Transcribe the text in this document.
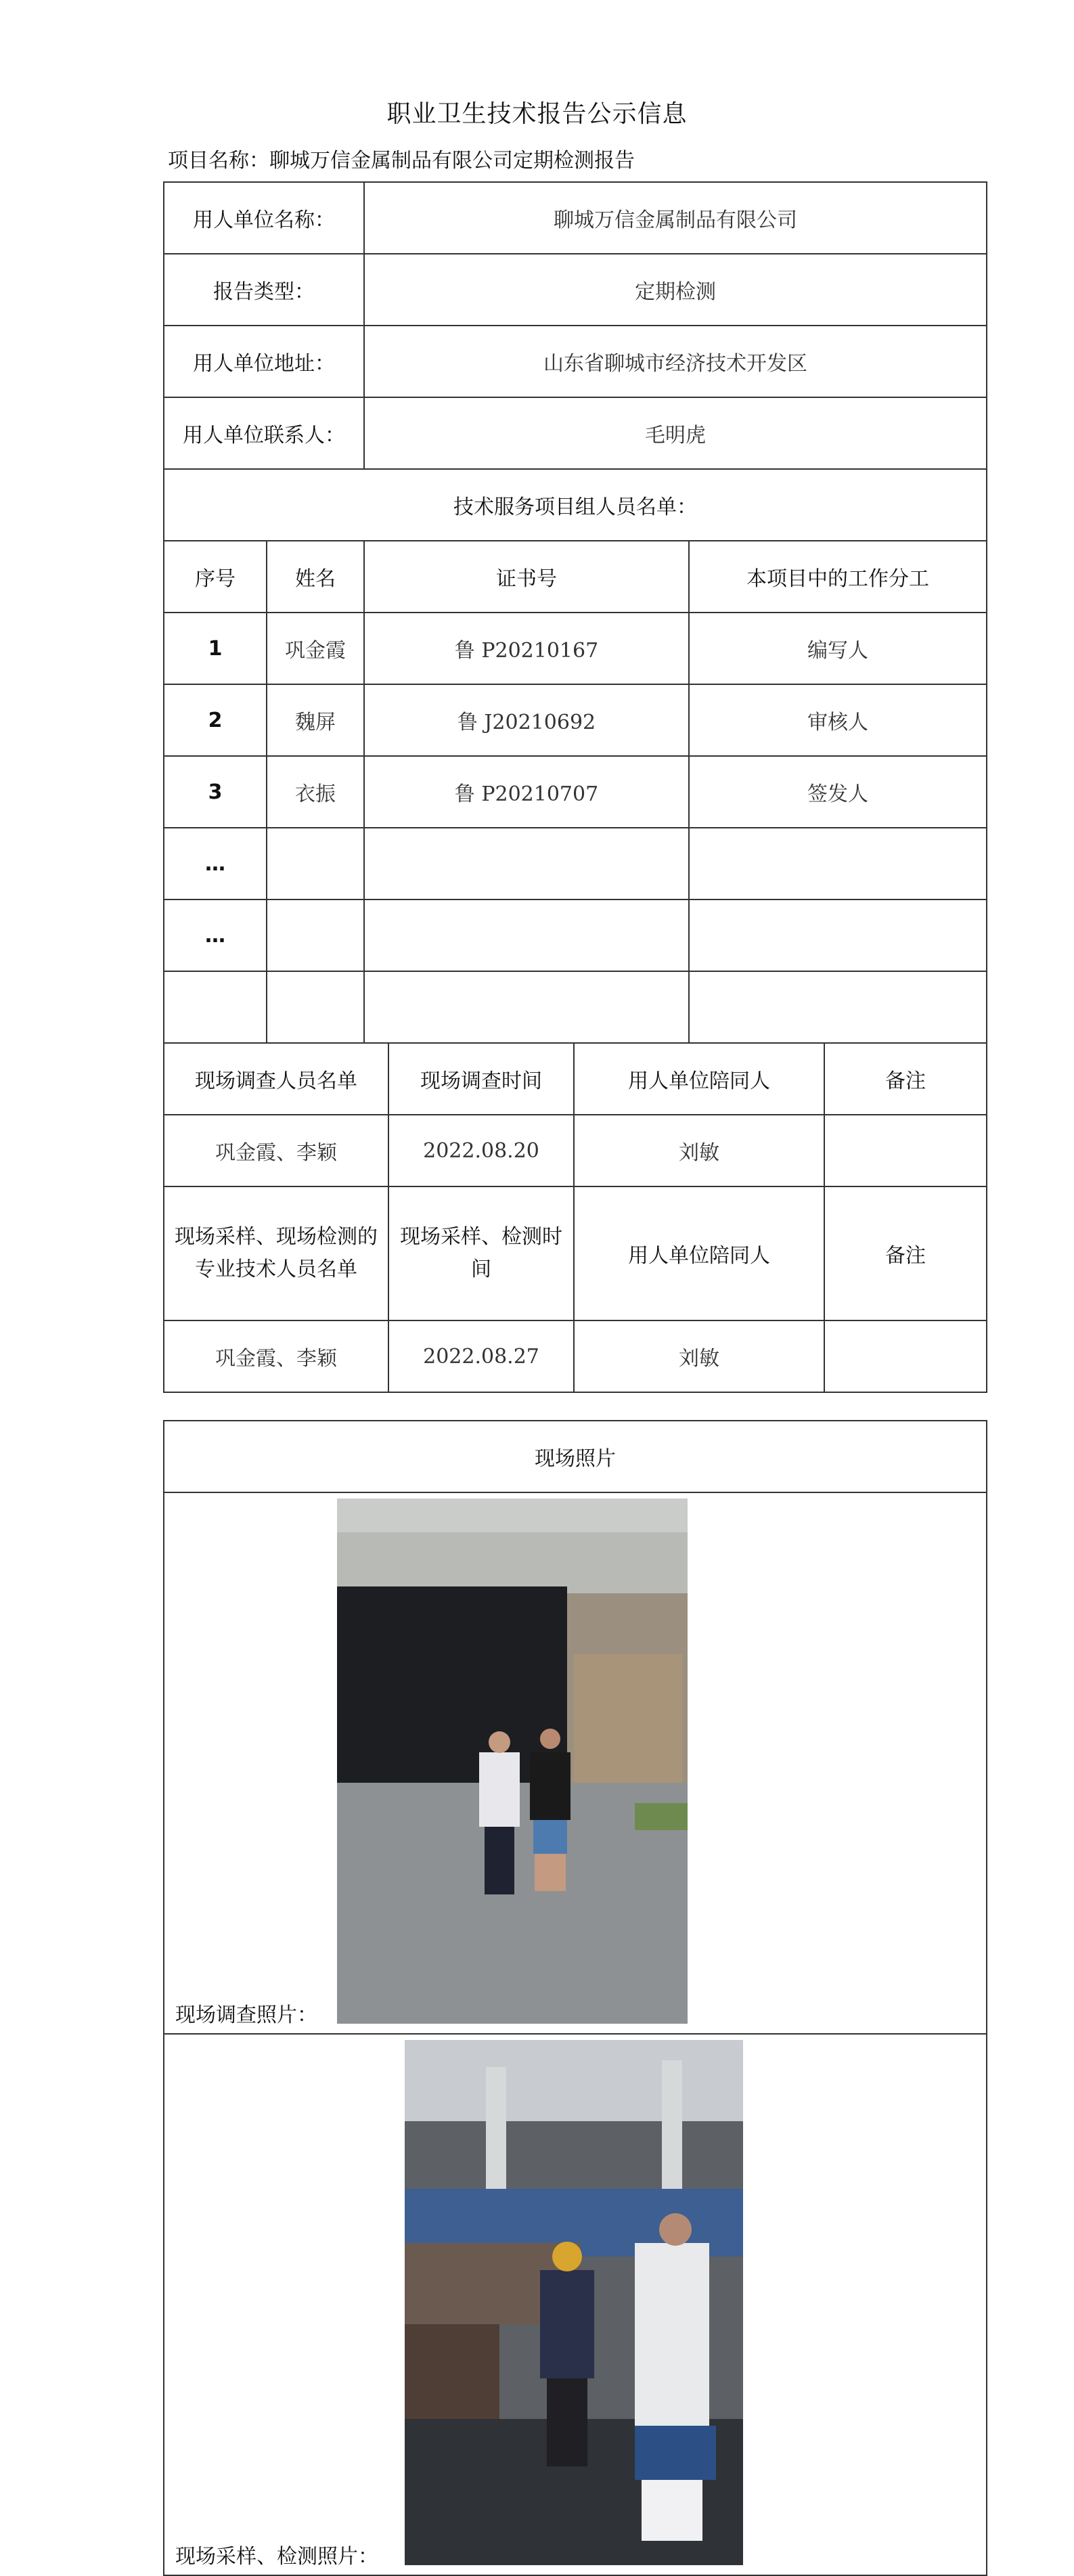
职业卫生技术报告公示信息
项目名称：聊城万信金属制品有限公司定期检测报告
用人单位名称：		聊城万信金属制品有限公司	
报告类型：		定期检测	
用人单位地址：		山东省聊城市经济技术开发区	
用人单位联系人：		毛明虎	
技术服务项目组人员名单：			
序号	姓名	证书号	本项目中的工作分工
1	巩金霞	鲁 P20210167	编写人
2	魏屏	鲁 J20210692	审核人
3	衣振	鲁 P20210707	签发人
…			
…			

现场调查人员名单	现场调查时间	用人单位陪同人	备注
巩金霞、李颖	2022.08.20	刘敏	
现场采样、现场检测的专业技术人员名单	现场采样、检测时间	用人单位陪同人	备注
巩金霞、李颖	2022.08.27	刘敏	
现场照片

现场调查照片：

现场采样、检测照片：
